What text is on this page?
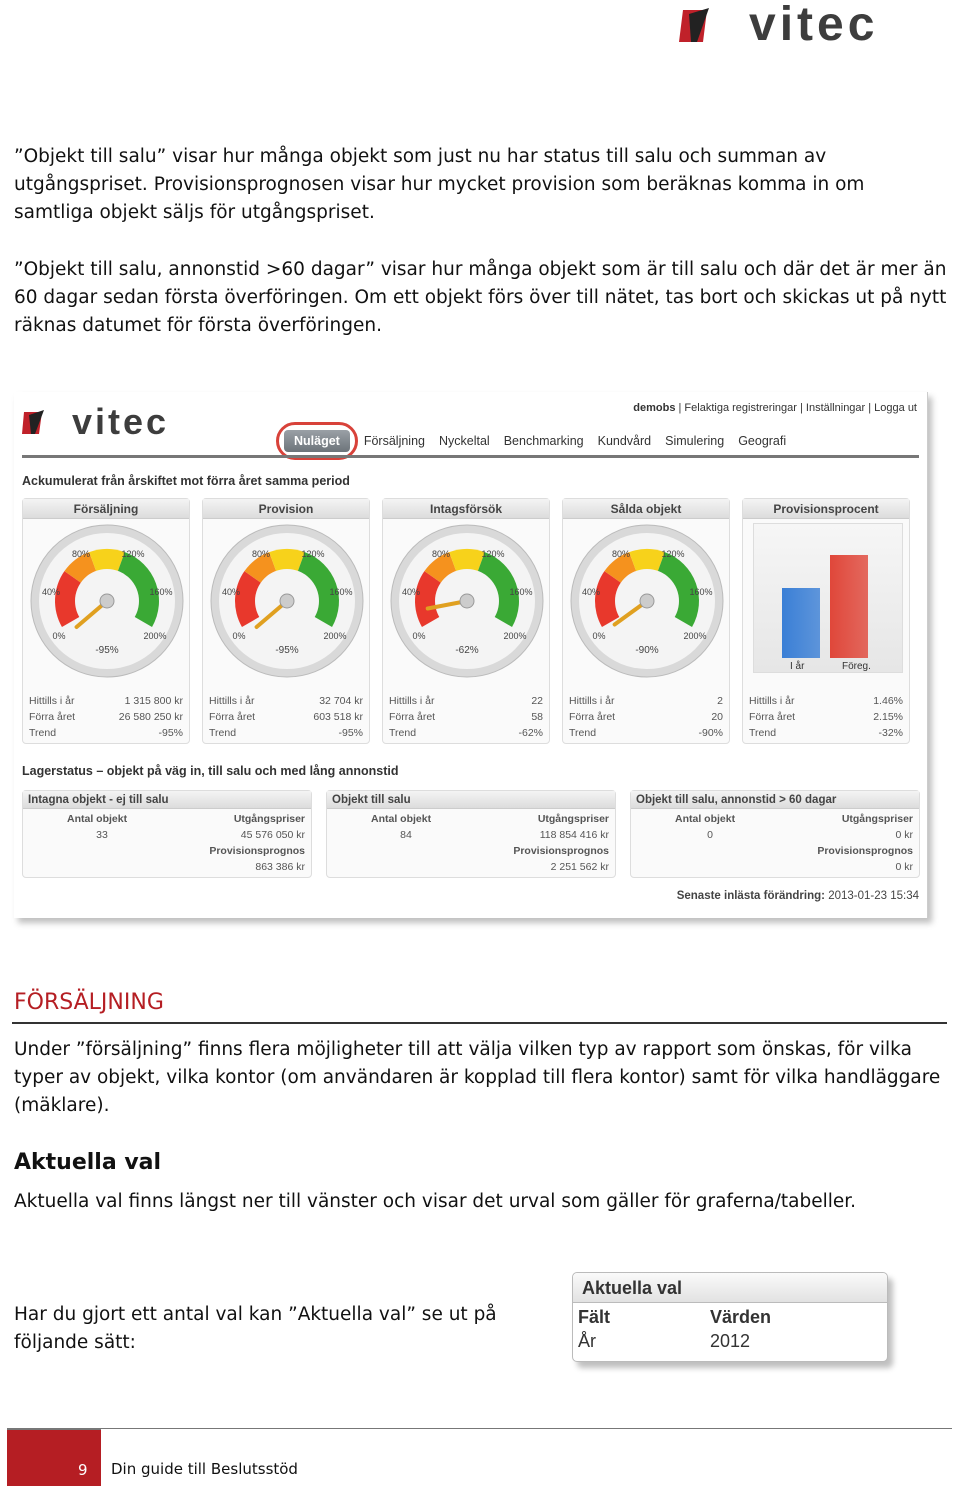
vitec

”Objekt till salu” visar hur många objekt som just nu har status till salu och summan av utgångspriset. Provisionsprognosen visar hur mycket provision som beräknas komma in om samtliga objekt säljs för utgångspriset.

”Objekt till salu, annonstid >60 dagar” visar hur många objekt som är till salu och där det är mer än 60 dagar sedan första överföringen. Om ett objekt förs över till nätet, tas bort och skickas ut på nytt räknas datumet för första överföringen.

vitec	demobs | Felaktiga registreringar | Inställningar | Logga ut
Nuläget	Försäljning Nyckeltal Benchmarking Kundvård Simulering Geografi
Ackumulerat från årskiftet mot förra året samma period
Försäljning
80%	120%
40%	160%
0%	200%
-95%
Hittills i år	1 315 800 kr
Förra året	26 580 250 kr
Trend	-95%
Provision
80%	120%
40%	160%
0%	200%
-95%
Hittills i år	32 704 kr
Förra året	603 518 kr
Trend	-95%
Intagsförsök
80%	120%
40%	160%
0%	200%
-62%
Hittills i år	22
Förra året	58
Trend	-62%
Sålda objekt
80%	120%
40%	160%
0%	200%
-90%
Hittills i år	2
Förra året	20
Trend	-90%
Provisionsprocent
I år	Föreg.
Hittills i år	1.46%
Förra året	2.15%
Trend	-32%
Lagerstatus – objekt på väg in, till salu och med lång annonstid
Intagna objekt - ej till salu
Antal objekt
33
Utgångspriser
45 576 050 kr
Provisionsprognos
863 386 kr
Objekt till salu
Antal objekt
84
Utgångspriser
118 854 416 kr
Provisionsprognos
2 251 562 kr
Objekt till salu, annonstid > 60 dagar
Antal objekt
0
Utgångspriser
0 kr
Provisionsprognos
0 kr
Senaste inlästa förändring: 2013-01-23 15:34
FÖRSÄLJNING

Under ”försäljning” finns flera möjligheter till att välja vilken typ av rapport som önskas, för vilka typer av objekt, vilka kontor (om användaren är kopplad till flera kontor) samt för vilka handläggare (mäklare).

Aktuella val

Aktuella val finns längst ner till vänster och visar det urval som gäller för graferna/tabeller.

Har du gjort ett antal val kan ”Aktuella val” se ut på följande sätt:

Aktuella val
Fält	Värden
År	2012
9 Din guide till Beslutsstöd
